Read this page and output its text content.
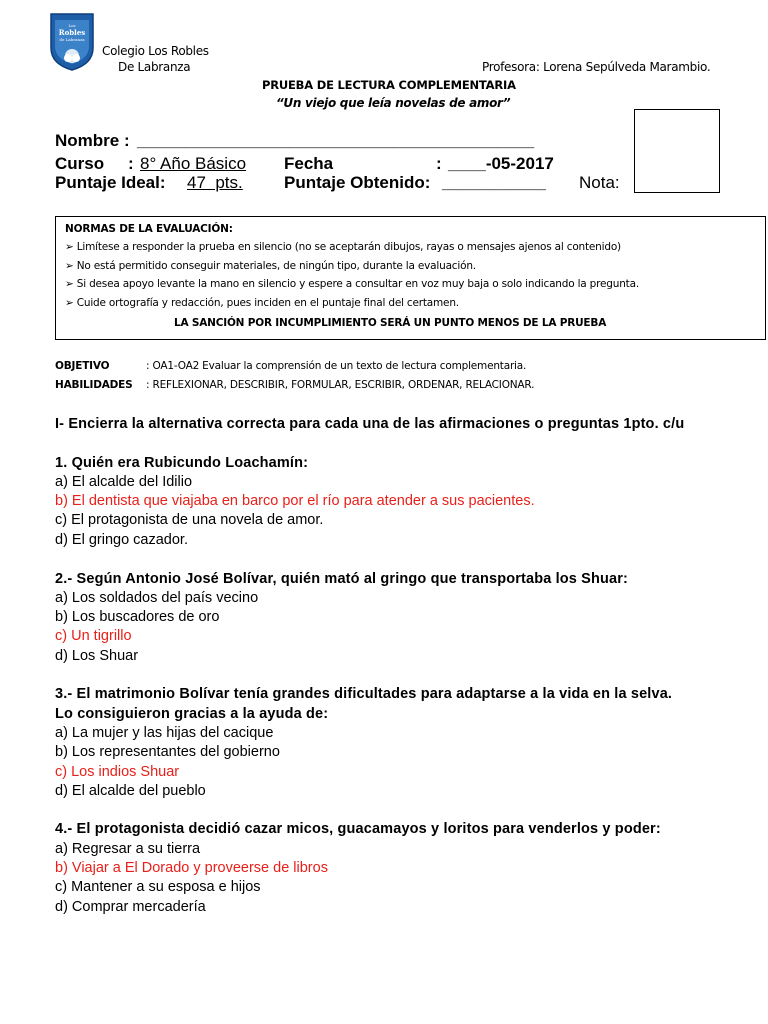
Los
Robles
de Labranza
Colegio Los Robles
De Labranza	Profesora: Lorena Sepúlveda Marambio.
PRUEBA DE LECTURA COMPLEMENTARIA
“Un viejo que leía novelas de amor”
Nombre : __________________________________________
Curso : 8° Año Básico Fecha	: ____-05-2017
Puntaje Ideal: 47  pts. Puntaje Obtenido: ___________ Nota:
NORMAS DE LA EVALUACIÓN:
➢ Limítese a responder la prueba en silencio (no se aceptarán dibujos, rayas o mensajes ajenos al contenido)
➢ No está permitido conseguir materiales, de ningún tipo, durante la evaluación.
➢ Si desea apoyo levante la mano en silencio y espere a consultar en voz muy baja o solo indicando la pregunta.
➢ Cuide ortografía y redacción, pues inciden en el puntaje final del certamen.
LA SANCIÓN POR INCUMPLIMIENTO SERÁ UN PUNTO MENOS DE LA PRUEBA
OBJETIVO	: OA1-OA2 Evaluar la comprensión de un texto de lectura complementaria.
HABILIDADES : REFLEXIONAR, DESCRIBIR, FORMULAR, ESCRIBIR, ORDENAR, RELACIONAR.
I- Encierra la alternativa correcta para cada una de las afirmaciones o preguntas 1pto. c/u
1. Quién era Rubicundo Loachamín:
a) El alcalde del Idilio
b) El dentista que viajaba en barco por el río para atender a sus pacientes.
c) El protagonista de una novela de amor.
d) El gringo cazador.
2.- Según Antonio José Bolívar, quién mató al gringo que transportaba los Shuar:
a) Los soldados del país vecino
b) Los buscadores de oro
c) Un tigrillo
d) Los Shuar
3.- El matrimonio Bolívar tenía grandes dificultades para adaptarse a la vida en la selva.
Lo consiguieron gracias a la ayuda de:
a) La mujer y las hijas del cacique
b) Los representantes del gobierno
c) Los indios Shuar
d) El alcalde del pueblo
4.- El protagonista decidió cazar micos, guacamayos y loritos para venderlos y poder:
a) Regresar a su tierra
b) Viajar a El Dorado y proveerse de libros
c) Mantener a su esposa e hijos
d) Comprar mercadería
